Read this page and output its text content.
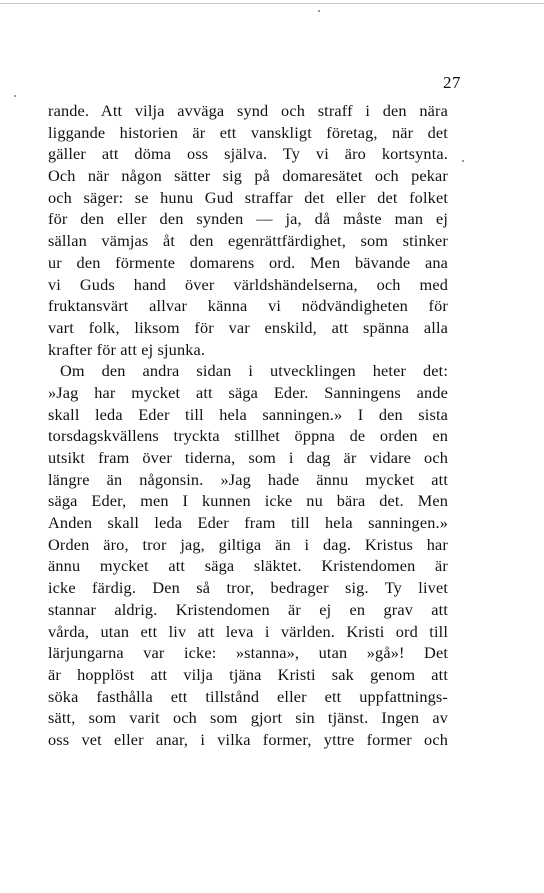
27
rande. Att vilja avväga synd och straff i den nära
liggande historien är ett vanskligt företag, när det
gäller att döma oss själva. Ty vi äro kortsynta.
Och när någon sätter sig på domaresätet och pekar
och säger: se hunu Gud straffar det eller det folket
för den eller den synden — ja, då måste man ej
sällan vämjas åt den egenrättfärdighet, som stinker
ur den förmente domarens ord. Men bävande ana
vi Guds hand över världshändelserna, och med
fruktansvärt allvar känna vi nödvändigheten för
vart folk, liksom för var enskild, att spänna alla
krafter för att ej sjunka.
Om den andra sidan i utvecklingen heter det:
»Jag har mycket att säga Eder. Sanningens ande
skall leda Eder till hela sanningen.» I den sista
torsdagskvällens tryckta stillhet öppna de orden en
utsikt fram över tiderna, som i dag är vidare och
längre än någonsin. »Jag hade ännu mycket att
säga Eder, men I kunnen icke nu bära det. Men
Anden skall leda Eder fram till hela sanningen.»
Orden äro, tror jag, giltiga än i dag. Kristus har
ännu mycket att säga släktet. Kristendomen är
icke färdig. Den så tror, bedrager sig. Ty livet
stannar aldrig. Kristendomen är ej en grav att
vårda, utan ett liv att leva i världen. Kristi ord till
lärjungarna var icke: »stanna», utan »gå»! Det
är hopplöst att vilja tjäna Kristi sak genom att
söka fasthålla ett tillstånd eller ett uppfattnings-
sätt, som varit och som gjort sin tjänst. Ingen av
oss vet eller anar, i vilka former, yttre former och
